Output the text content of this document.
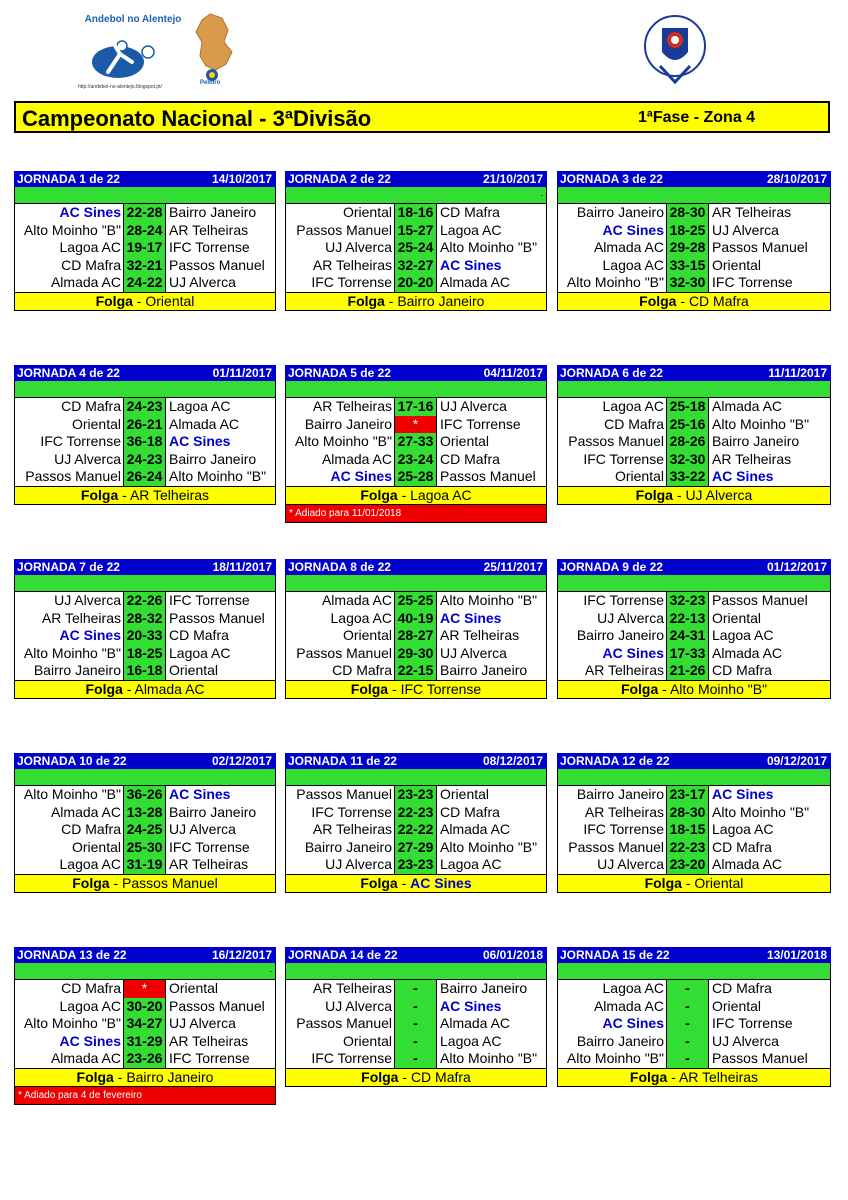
Andebol no Alentejo
http://andebol-no-alentejo.blogspot.pt/
Peloiro
Campeonato Nacional - 3ªDivisão	1ªFase - Zona 4
JORNADA 1 de 22	14/10/2017
AC Sines 22-28 Bairro Janeiro
Alto Moinho "B" 28-24 AR Telheiras
Lagoa AC 19-17 IFC Torrense
CD Mafra 32-21 Passos Manuel
Almada AC 24-22 UJ Alverca
Folga - Oriental
JORNADA 2 de 22	21/10/2017
.
Oriental 18-16 CD Mafra
Passos Manuel 15-27 Lagoa AC
UJ Alverca 25-24 Alto Moinho "B"
AR Telheiras 32-27 AC Sines
IFC Torrense 20-20 Almada AC
Folga - Bairro Janeiro
JORNADA 3 de 22	28/10/2017
Bairro Janeiro 28-30 AR Telheiras
AC Sines 18-25 UJ Alverca
Almada AC 29-28 Passos Manuel
Lagoa AC 33-15 Oriental
Alto Moinho "B" 32-30 IFC Torrense
Folga - CD Mafra
JORNADA 4 de 22	01/11/2017
CD Mafra 24-23 Lagoa AC
Oriental 26-21 Almada AC
IFC Torrense 36-18 AC Sines
UJ Alverca 24-23 Bairro Janeiro
Passos Manuel 26-24 Alto Moinho "B"
Folga - AR Telheiras
JORNADA 5 de 22	04/11/2017
AR Telheiras 17-16 UJ Alverca
Bairro Janeiro	*	IFC Torrense
Alto Moinho "B" 27-33 Oriental
Almada AC 23-24 CD Mafra
AC Sines 25-28 Passos Manuel
Folga - Lagoa AC
* Adiado para 11/01/2018
JORNADA 6 de 22	11/11/2017
Lagoa AC 25-18 Almada AC
CD Mafra 25-16 Alto Moinho "B"
Passos Manuel 28-26 Bairro Janeiro
IFC Torrense 32-30 AR Telheiras
Oriental 33-22 AC Sines
Folga - UJ Alverca
JORNADA 7 de 22	18/11/2017
UJ Alverca 22-26 IFC Torrense
AR Telheiras 28-32 Passos Manuel
AC Sines 20-33 CD Mafra
Alto Moinho "B" 18-25 Lagoa AC
Bairro Janeiro 16-18 Oriental
Folga - Almada AC
JORNADA 8 de 22	25/11/2017
Almada AC 25-25 Alto Moinho "B"
Lagoa AC 40-19 AC Sines
Oriental 28-27 AR Telheiras
Passos Manuel 29-30 UJ Alverca
CD Mafra 22-15 Bairro Janeiro
Folga - IFC Torrense
JORNADA 9 de 22	01/12/2017
IFC Torrense 32-23 Passos Manuel
UJ Alverca 22-13 Oriental
Bairro Janeiro 24-31 Lagoa AC
AC Sines 17-33 Almada AC
AR Telheiras 21-26 CD Mafra
Folga - Alto Moinho "B"
JORNADA 10 de 22	02/12/2017
Alto Moinho "B" 36-26 AC Sines
Almada AC 13-28 Bairro Janeiro
CD Mafra 24-25 UJ Alverca
Oriental 25-30 IFC Torrense
Lagoa AC 31-19 AR Telheiras
Folga - Passos Manuel
JORNADA 11 de 22	08/12/2017
Passos Manuel 23-23 Oriental
IFC Torrense 22-23 CD Mafra
AR Telheiras 22-22 Almada AC
Bairro Janeiro 27-29 Alto Moinho "B"
UJ Alverca 23-23 Lagoa AC
Folga - AC Sines
JORNADA 12 de 22	09/12/2017
Bairro Janeiro 23-17 AC Sines
AR Telheiras 28-30 Alto Moinho "B"
IFC Torrense 18-15 Lagoa AC
Passos Manuel 22-23 CD Mafra
UJ Alverca 23-20 Almada AC
Folga - Oriental
JORNADA 13 de 22	16/12/2017
.
CD Mafra	*	Oriental
Lagoa AC 30-20 Passos Manuel
Alto Moinho "B" 34-27 UJ Alverca
AC Sines 31-29 AR Telheiras
Almada AC 23-26 IFC Torrense
Folga - Bairro Janeiro
* Adiado para 4 de fevereiro
JORNADA 14 de 22	06/01/2018
AR Telheiras	-	Bairro Janeiro
UJ Alverca	-	AC Sines
Passos Manuel	-	Almada AC
Oriental	-	Lagoa AC
IFC Torrense	-	Alto Moinho "B"
Folga - CD Mafra
JORNADA 15 de 22	13/01/2018
Lagoa AC	-	CD Mafra
Almada AC	-	Oriental
AC Sines	-	IFC Torrense
Bairro Janeiro	-	UJ Alverca
Alto Moinho "B"	-	Passos Manuel
Folga - AR Telheiras
